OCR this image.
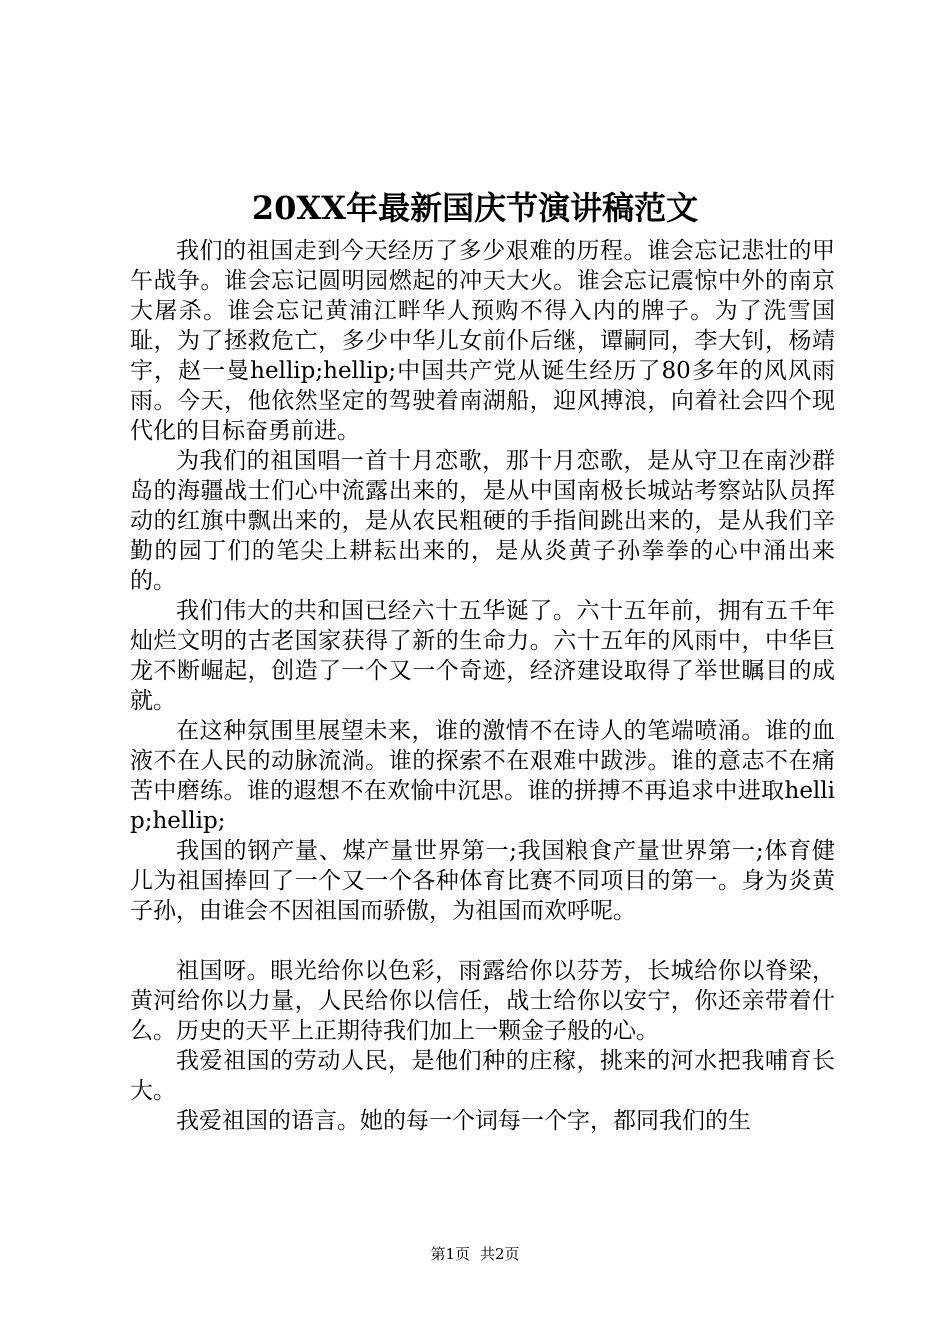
20XX年最新国庆节演讲稿范文

我们的祖国走到今天经历了多少艰难的历程。谁会忘记悲壮的甲午战争。谁会忘记圆明园燃起的冲天大火。谁会忘记震惊中外的南京大屠杀。谁会忘记黄浦江畔华人预购不得入内的牌子。为了洗雪国耻，为了拯救危亡，多少中华儿女前仆后继，谭嗣同，李大钊，杨靖宇，赵一曼hellip;hellip;中国共产党从诞生经历了80多年的风风雨雨。今天，他依然坚定的驾驶着南湖船，迎风搏浪，向着社会四个现代化的目标奋勇前进。

为我们的祖国唱一首十月恋歌，那十月恋歌，是从守卫在南沙群岛的海疆战士们心中流露出来的，是从中国南极长城站考察站队员挥动的红旗中飘出来的，是从农民粗硬的手指间跳出来的，是从我们辛勤的园丁们的笔尖上耕耘出来的，是从炎黄子孙拳拳的心中涌出来的。

我们伟大的共和国已经六十五华诞了。六十五年前，拥有五千年灿烂文明的古老国家获得了新的生命力。六十五年的风雨中，中华巨龙不断崛起，创造了一个又一个奇迹，经济建设取得了举世瞩目的成就。

在这种氛围里展望未来，谁的激情不在诗人的笔端喷涌。谁的血液不在人民的动脉流淌。谁的探索不在艰难中跋涉。谁的意志不在痛苦中磨练。谁的遐想不在欢愉中沉思。谁的拼搏不再追求中进取hellip;hellip;

我国的钢产量、煤产量世界第一;我国粮食产量世界第一;体育健儿为祖国捧回了一个又一个各种体育比赛不同项目的第一。身为炎黄子孙，由谁会不因祖国而骄傲，为祖国而欢呼呢。

祖国呀。眼光给你以色彩，雨露给你以芬芳，长城给你以脊梁，黄河给你以力量，人民给你以信任，战士给你以安宁，你还亲带着什么。历史的天平上正期待我们加上一颗金子般的心。

我爱祖国的劳动人民，是他们种的庄稼，挑来的河水把我哺育长大。

我爱祖国的语言。她的每一个词每一个字，都同我们的生

第1页 共2页
